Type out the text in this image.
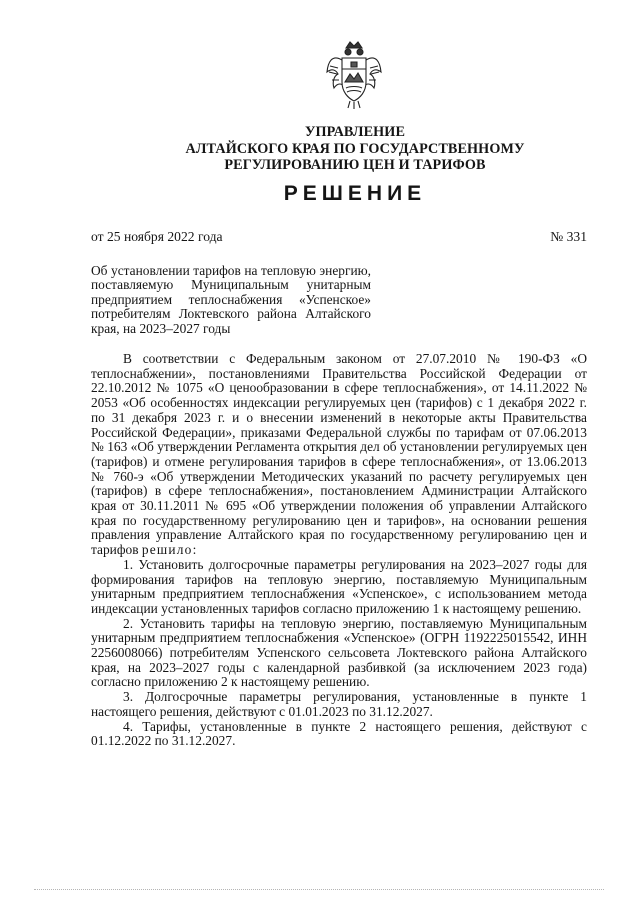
УПРАВЛЕНИЕ
АЛТАЙСКОГО КРАЯ ПО ГОСУДАРСТВЕННОМУ
РЕГУЛИРОВАНИЮ ЦЕН И ТАРИФОВ
РЕШЕНИЕ
от 25 ноября 2022 года	№ 331
Об установлении тарифов на тепловую энергию, поставляемую Муниципальным унитарным предприятием теплоснабжения «Успенское» потребителям Локтевского района Алтайского края, на 2023–2027 годы

В соответствии с Федеральным законом от 27.07.2010 № 190-ФЗ «О теплоснабжении», постановлениями Правительства Российской Федерации от 22.10.2012 № 1075 «О ценообразовании в сфере теплоснабжения», от 14.11.2022 № 2053 «Об особенностях индексации регулируемых цен (тарифов) с 1 декабря 2022 г. по 31 декабря 2023 г. и о внесении изменений в некоторые акты Правительства Российской Федерации», приказами Федеральной службы по тарифам от 07.06.2013 № 163 «Об утверждении Регламента открытия дел об установлении регулируемых цен (тарифов) и отмене регулирования тарифов в сфере теплоснабжения», от 13.06.2013 № 760-э «Об утверждении Методических указаний по расчету регулируемых цен (тарифов) в сфере теплоснабжения», постановлением Администрации Алтайского края от 30.11.2011 № 695 «Об утверждении положения об управлении Алтайского края по государственному регулированию цен и тарифов», на основании решения правления управление Алтайского края по государственному регулированию цен и тарифов решило:

1. Установить долгосрочные параметры регулирования на 2023–2027 годы для формирования тарифов на тепловую энергию, поставляемую Муниципальным унитарным предприятием теплоснабжения «Успенское», с использованием метода индексации установленных тарифов согласно приложению 1 к настоящему решению.

2. Установить тарифы на тепловую энергию, поставляемую Муниципальным унитарным предприятием теплоснабжения «Успенское» (ОГРН 1192225015542, ИНН 2256008066) потребителям Успенского сельсовета Локтевского района Алтайского края, на 2023–2027 годы с календарной разбивкой (за исключением 2023 года) согласно приложению 2 к настоящему решению.

3. Долгосрочные параметры регулирования, установленные в пункте 1 настоящего решения, действуют с 01.01.2023 по 31.12.2027.

4. Тарифы, установленные в пункте 2 настоящего решения, действуют с 01.12.2022 по 31.12.2027.
